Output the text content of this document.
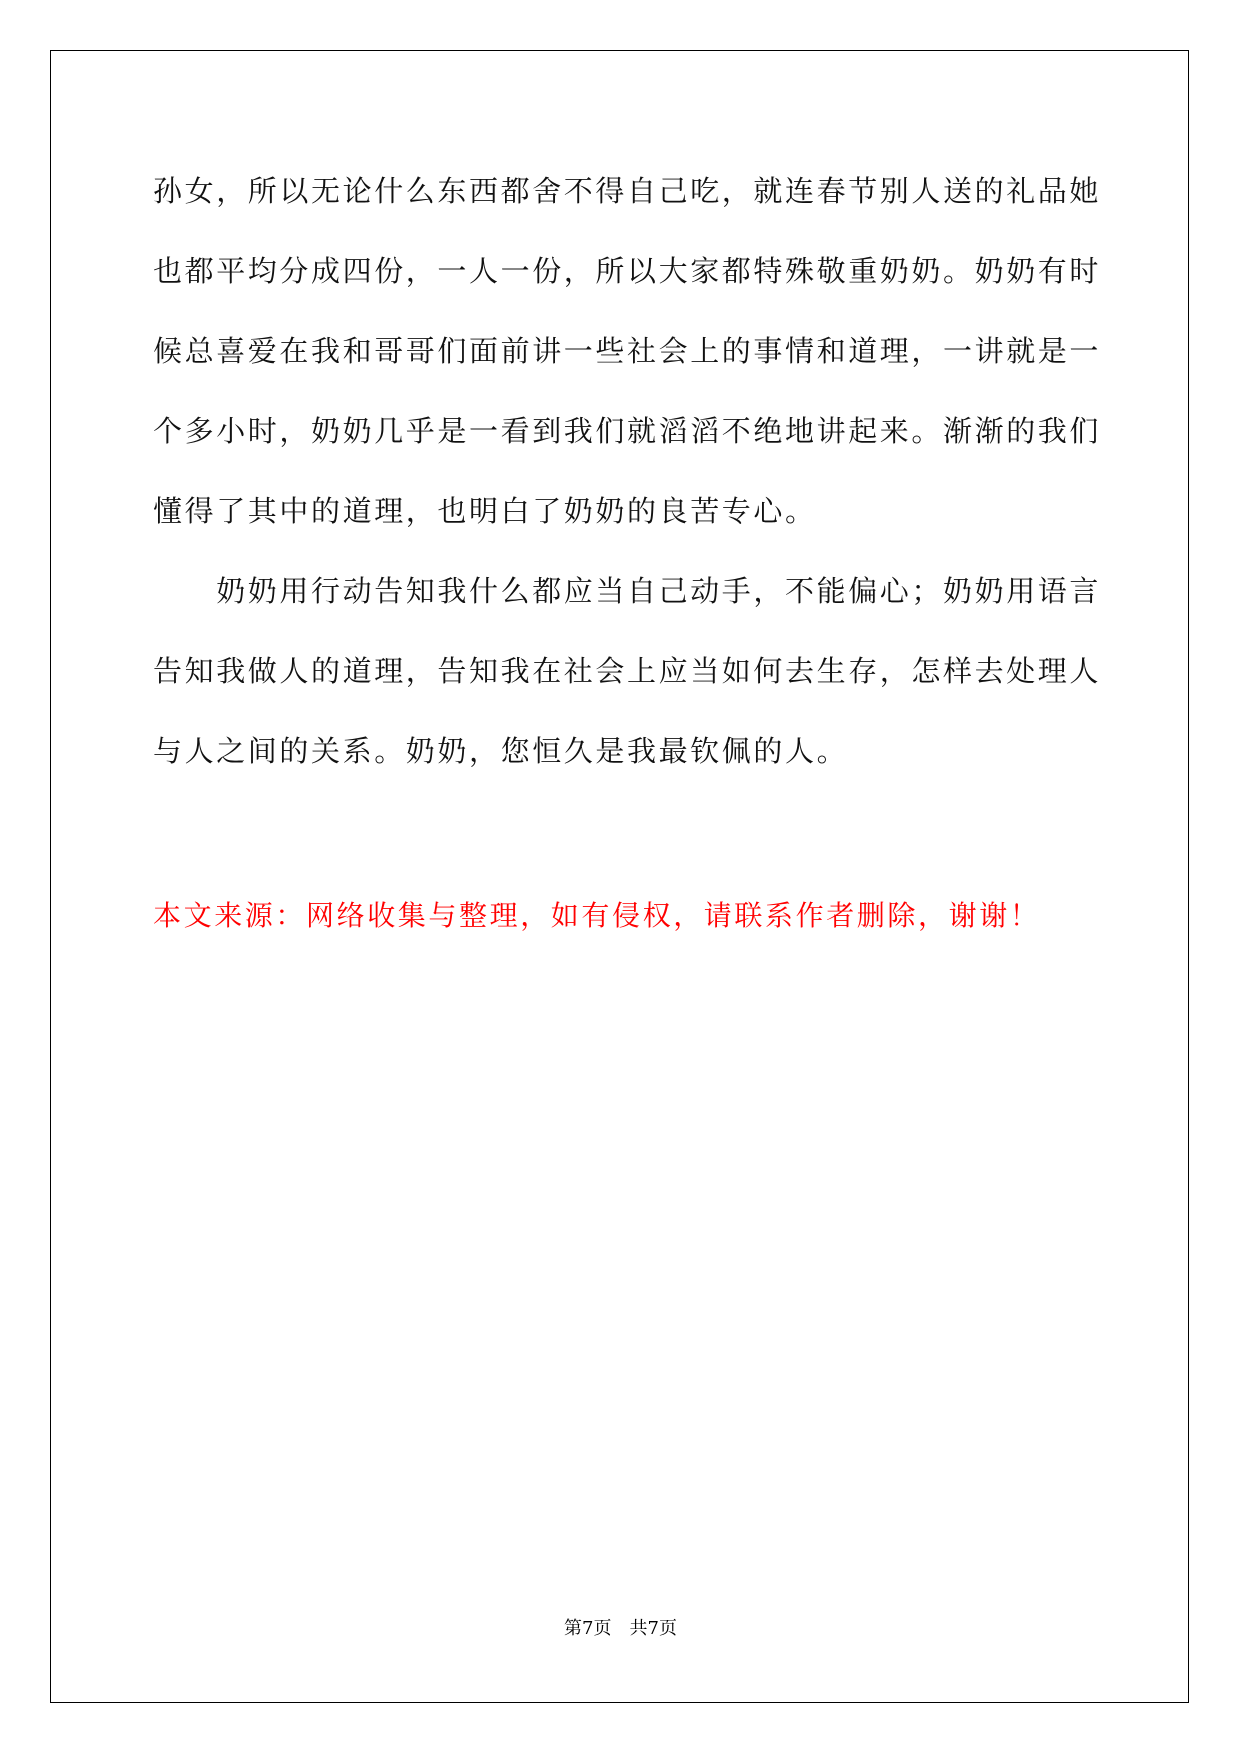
孙女，所以无论什么东西都舍不得自己吃，就连春节别人送的礼品她

也都平均分成四份，一人一份，所以大家都特殊敬重奶奶。奶奶有时

候总喜爱在我和哥哥们面前讲一些社会上的事情和道理，一讲就是一

个多小时，奶奶几乎是一看到我们就滔滔不绝地讲起来。渐渐的我们

懂得了其中的道理，也明白了奶奶的良苦专心。

　　奶奶用行动告知我什么都应当自己动手，不能偏心；奶奶用语言

告知我做人的道理，告知我在社会上应当如何去生存，怎样去处理人

与人之间的关系。奶奶，您恒久是我最钦佩的人。

本文来源：网络收集与整理，如有侵权，请联系作者删除，谢谢！

第7页　共7页
